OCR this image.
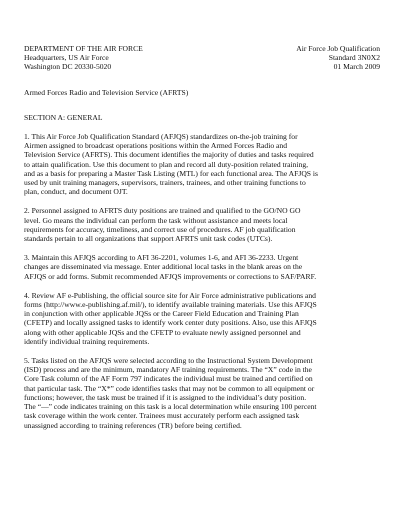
DEPARTMENT OF THE AIR FORCE
Headquarters, US Air Force
Washington DC 20330-5020
Air Force Job Qualification
Standard 3N0X2
01 March 2009
Armed Forces Radio and Television Service (AFRTS)
SECTION A: GENERAL
1. This Air Force Job Qualification Standard (AFJQS) standardizes on-the-job training for
Airmen assigned to broadcast operations positions within the Armed Forces Radio and
Television Service (AFRTS). This document identifies the majority of duties and tasks required
to attain qualification. Use this document to plan and record all duty-position related training,
and as a basis for preparing a Master Task Listing (MTL) for each functional area. The AFJQS is
used by unit training managers, supervisors, trainers, trainees, and other training functions to
plan, conduct, and document OJT.
2. Personnel assigned to AFRTS duty positions are trained and qualified to the GO/NO GO
level. Go means the individual can perform the task without assistance and meets local
requirements for accuracy, timeliness, and correct use of procedures. AF job qualification
standards pertain to all organizations that support AFRTS unit task codes (UTCs).
3. Maintain this AFJQS according to AFI 36-2201, volumes 1-6, and AFI 36-2233. Urgent
changes are disseminated via message. Enter additional local tasks in the blank areas on the
AFJQS or add forms. Submit recommended AFJQS improvements or corrections to SAF/PARF.
4. Review AF e-Publishing, the official source site for Air Force administrative publications and
forms (http://www.e-publishing.af.mil/), to identify available training materials. Use this AFJQS
in conjunction with other applicable JQSs or the Career Field Education and Training Plan
(CFETP) and locally assigned tasks to identify work center duty positions. Also, use this AFJQS
along with other applicable JQSs and the CFETP to evaluate newly assigned personnel and
identify individual training requirements.
5. Tasks listed on the AFJQS were selected according to the Instructional System Development
(ISD) process and are the minimum, mandatory AF training requirements. The “X” code in the
Core Task column of the AF Form 797 indicates the individual must be trained and certified on
that particular task. The “X*” code identifies tasks that may not be common to all equipment or
functions; however, the task must be trained if it is assigned to the individual’s duty position.
The “—” code indicates training on this task is a local determination while ensuring 100 percent
task coverage within the work center. Trainees must accurately perform each assigned task
unassigned according to training references (TR) before being certified.
